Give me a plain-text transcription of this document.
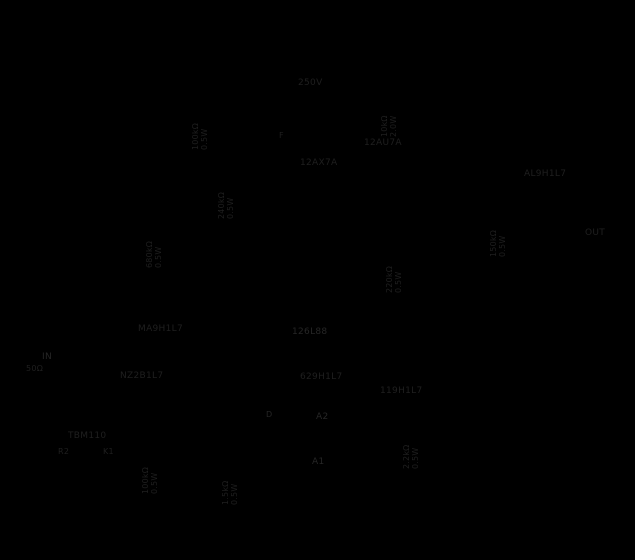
250V
F
12AU7A
12AX7A
AL9H1L7
126L88
MA9H1L7
NZ2B1L7	629H1L7
119H1L7
IN
50Ω
TBM110
R2	K1
D	A2
A1
OUT
100kΩ 0.5W
240kΩ 0.5W
680kΩ 0.5W
10kΩ 2.0W
220kΩ 0.5W
150kΩ 0.5W
100kΩ 0.5W	1.5kΩ 0.5W
2.2kΩ 0.5W
